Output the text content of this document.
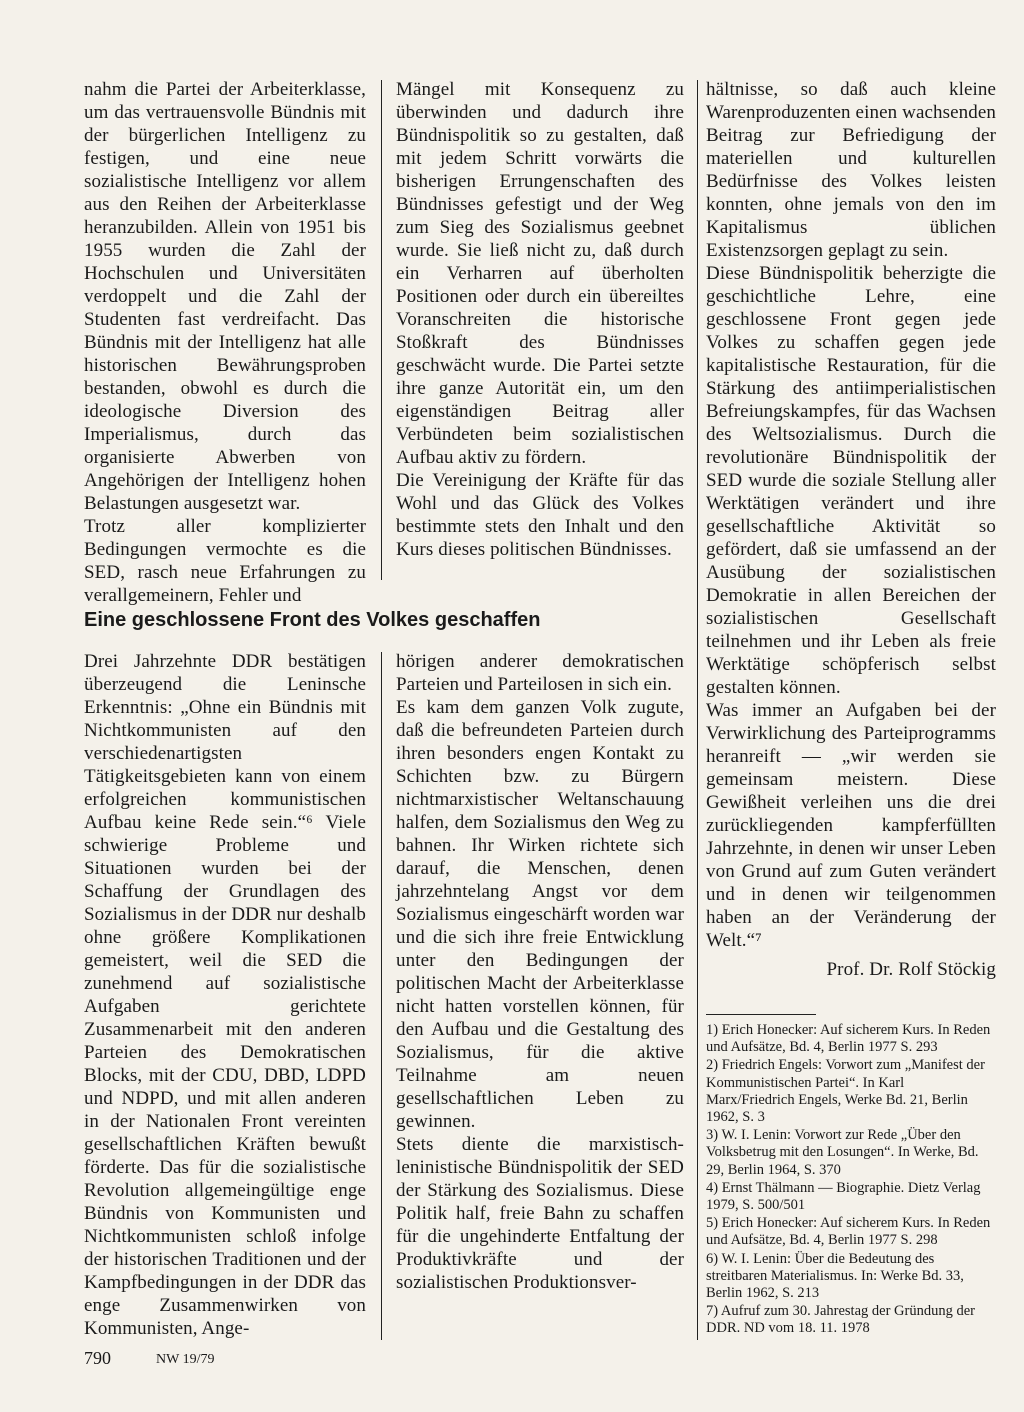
nahm die Partei der Arbeiterklasse, um das vertrauensvolle Bündnis mit der bürgerlichen Intelligenz zu festigen, und eine neue sozialistische Intelligenz vor allem aus den Reihen der Arbeiterklasse heranzubilden. Allein von 1951 bis 1955 wurden die Zahl der Hochschulen und Universitäten verdoppelt und die Zahl der Studenten fast verdreifacht. Das Bündnis mit der Intelligenz hat alle historischen Bewährungsproben bestanden, obwohl es durch die ideologische Diversion des Imperialismus, durch das organisierte Abwerben von Angehörigen der Intelligenz hohen Belastungen ausgesetzt war.

Trotz aller komplizierter Bedingungen vermochte es die SED, rasch neue Erfahrungen zu verallgemeinern, Fehler und

Mängel mit Konsequenz zu überwinden und dadurch ihre Bündnispolitik so zu gestalten, daß mit jedem Schritt vorwärts die bisherigen Errungenschaften des Bündnisses gefestigt und der Weg zum Sieg des Sozialismus geebnet wurde. Sie ließ nicht zu, daß durch ein Verharren auf überholten Positionen oder durch ein übereiltes Voranschreiten die historische Stoßkraft des Bündnisses geschwächt wurde. Die Partei setzte ihre ganze Autorität ein, um den eigenständigen Beitrag aller Verbündeten beim sozialistischen Aufbau aktiv zu fördern.

Die Vereinigung der Kräfte für das Wohl und das Glück des Volkes bestimmte stets den Inhalt und den Kurs dieses politischen Bündnisses.

Eine geschlossene Front des Volkes geschaffen

Drei Jahrzehnte DDR bestätigen überzeugend die Leninsche Erkenntnis: „Ohne ein Bündnis mit Nichtkommunisten auf den verschiedenartigsten Tätigkeitsgebieten kann von einem erfolgreichen kommunistischen Aufbau keine Rede sein.“⁶ Viele schwierige Probleme und Situationen wurden bei der Schaffung der Grundlagen des Sozialismus in der DDR nur deshalb ohne größere Komplikationen gemeistert, weil die SED die zunehmend auf sozialistische Aufgaben gerichtete Zusammenarbeit mit den anderen Parteien des Demokratischen Blocks, mit der CDU, DBD, LDPD und NDPD, und mit allen anderen in der Nationalen Front vereinten gesellschaftlichen Kräften bewußt förderte. Das für die sozialistische Revolution allgemeingültige enge Bündnis von Kommunisten und Nichtkommunisten schloß infolge der historischen Traditionen und der Kampfbedingungen in der DDR das enge Zusammenwirken von Kommunisten, Ange-

hörigen anderer demokratischen Parteien und Parteilosen in sich ein.

Es kam dem ganzen Volk zugute, daß die befreundeten Parteien durch ihren besonders engen Kontakt zu Schichten bzw. zu Bürgern nichtmarxistischer Weltanschauung halfen, dem Sozialismus den Weg zu bahnen. Ihr Wirken richtete sich darauf, die Menschen, denen jahrzehntelang Angst vor dem Sozialismus eingeschärft worden war und die sich ihre freie Entwicklung unter den Bedingungen der politischen Macht der Arbeiterklasse nicht hatten vorstellen können, für den Aufbau und die Gestaltung des Sozialismus, für die aktive Teilnahme am neuen gesellschaftlichen Leben zu gewinnen.

Stets diente die marxistisch-leninistische Bündnispolitik der SED der Stärkung des Sozialismus. Diese Politik half, freie Bahn zu schaffen für die ungehinderte Entfaltung der Produktivkräfte und der sozialistischen Produktionsver-

hältnisse, so daß auch kleine Warenproduzenten einen wachsenden Beitrag zur Befriedigung der materiellen und kulturellen Bedürfnisse des Volkes leisten konnten, ohne jemals von den im Kapitalismus üblichen Existenzsorgen geplagt zu sein.

Diese Bündnispolitik beherzigte die geschichtliche Lehre, eine geschlossene Front gegen jede Volkes zu schaffen gegen jede kapitalistische Restauration, für die Stärkung des antiimperialistischen Befreiungskampfes, für das Wachsen des Weltsozialismus. Durch die revolutionäre Bündnispolitik der SED wurde die soziale Stellung aller Werktätigen verändert und ihre gesellschaftliche Aktivität so gefördert, daß sie umfassend an der Ausübung der sozialistischen Demokratie in allen Bereichen der sozialistischen Gesellschaft teilnehmen und ihr Leben als freie Werktätige schöpferisch selbst gestalten können.

Was immer an Aufgaben bei der Verwirklichung des Parteiprogramms heranreift — „wir werden sie gemeinsam meistern. Diese Gewißheit verleihen uns die drei zurückliegenden kampferfüllten Jahrzehnte, in denen wir unser Leben von Grund auf zum Guten verändert und in denen wir teilgenommen haben an der Veränderung der Welt.“⁷

Prof. Dr. Rolf Stöckig

1) Erich Honecker: Auf sicherem Kurs. In Reden und Aufsätze, Bd. 4, Berlin 1977 S. 293

2) Friedrich Engels: Vorwort zum „Manifest der Kommunistischen Partei“. In Karl Marx/Friedrich Engels, Werke Bd. 21, Berlin 1962, S. 3

3) W. I. Lenin: Vorwort zur Rede „Über den Volksbetrug mit den Losungen“. In Werke, Bd. 29, Berlin 1964, S. 370

4) Ernst Thälmann — Biographie. Dietz Verlag 1979, S. 500/501

5) Erich Honecker: Auf sicherem Kurs. In Reden und Aufsätze, Bd. 4, Berlin 1977 S. 298

6) W. I. Lenin: Über die Bedeutung des streitbaren Materialismus. In: Werke Bd. 33, Berlin 1962, S. 213

7) Aufruf zum 30. Jahrestag der Gründung der DDR. ND vom 18. 11. 1978

790	NW 19/79
